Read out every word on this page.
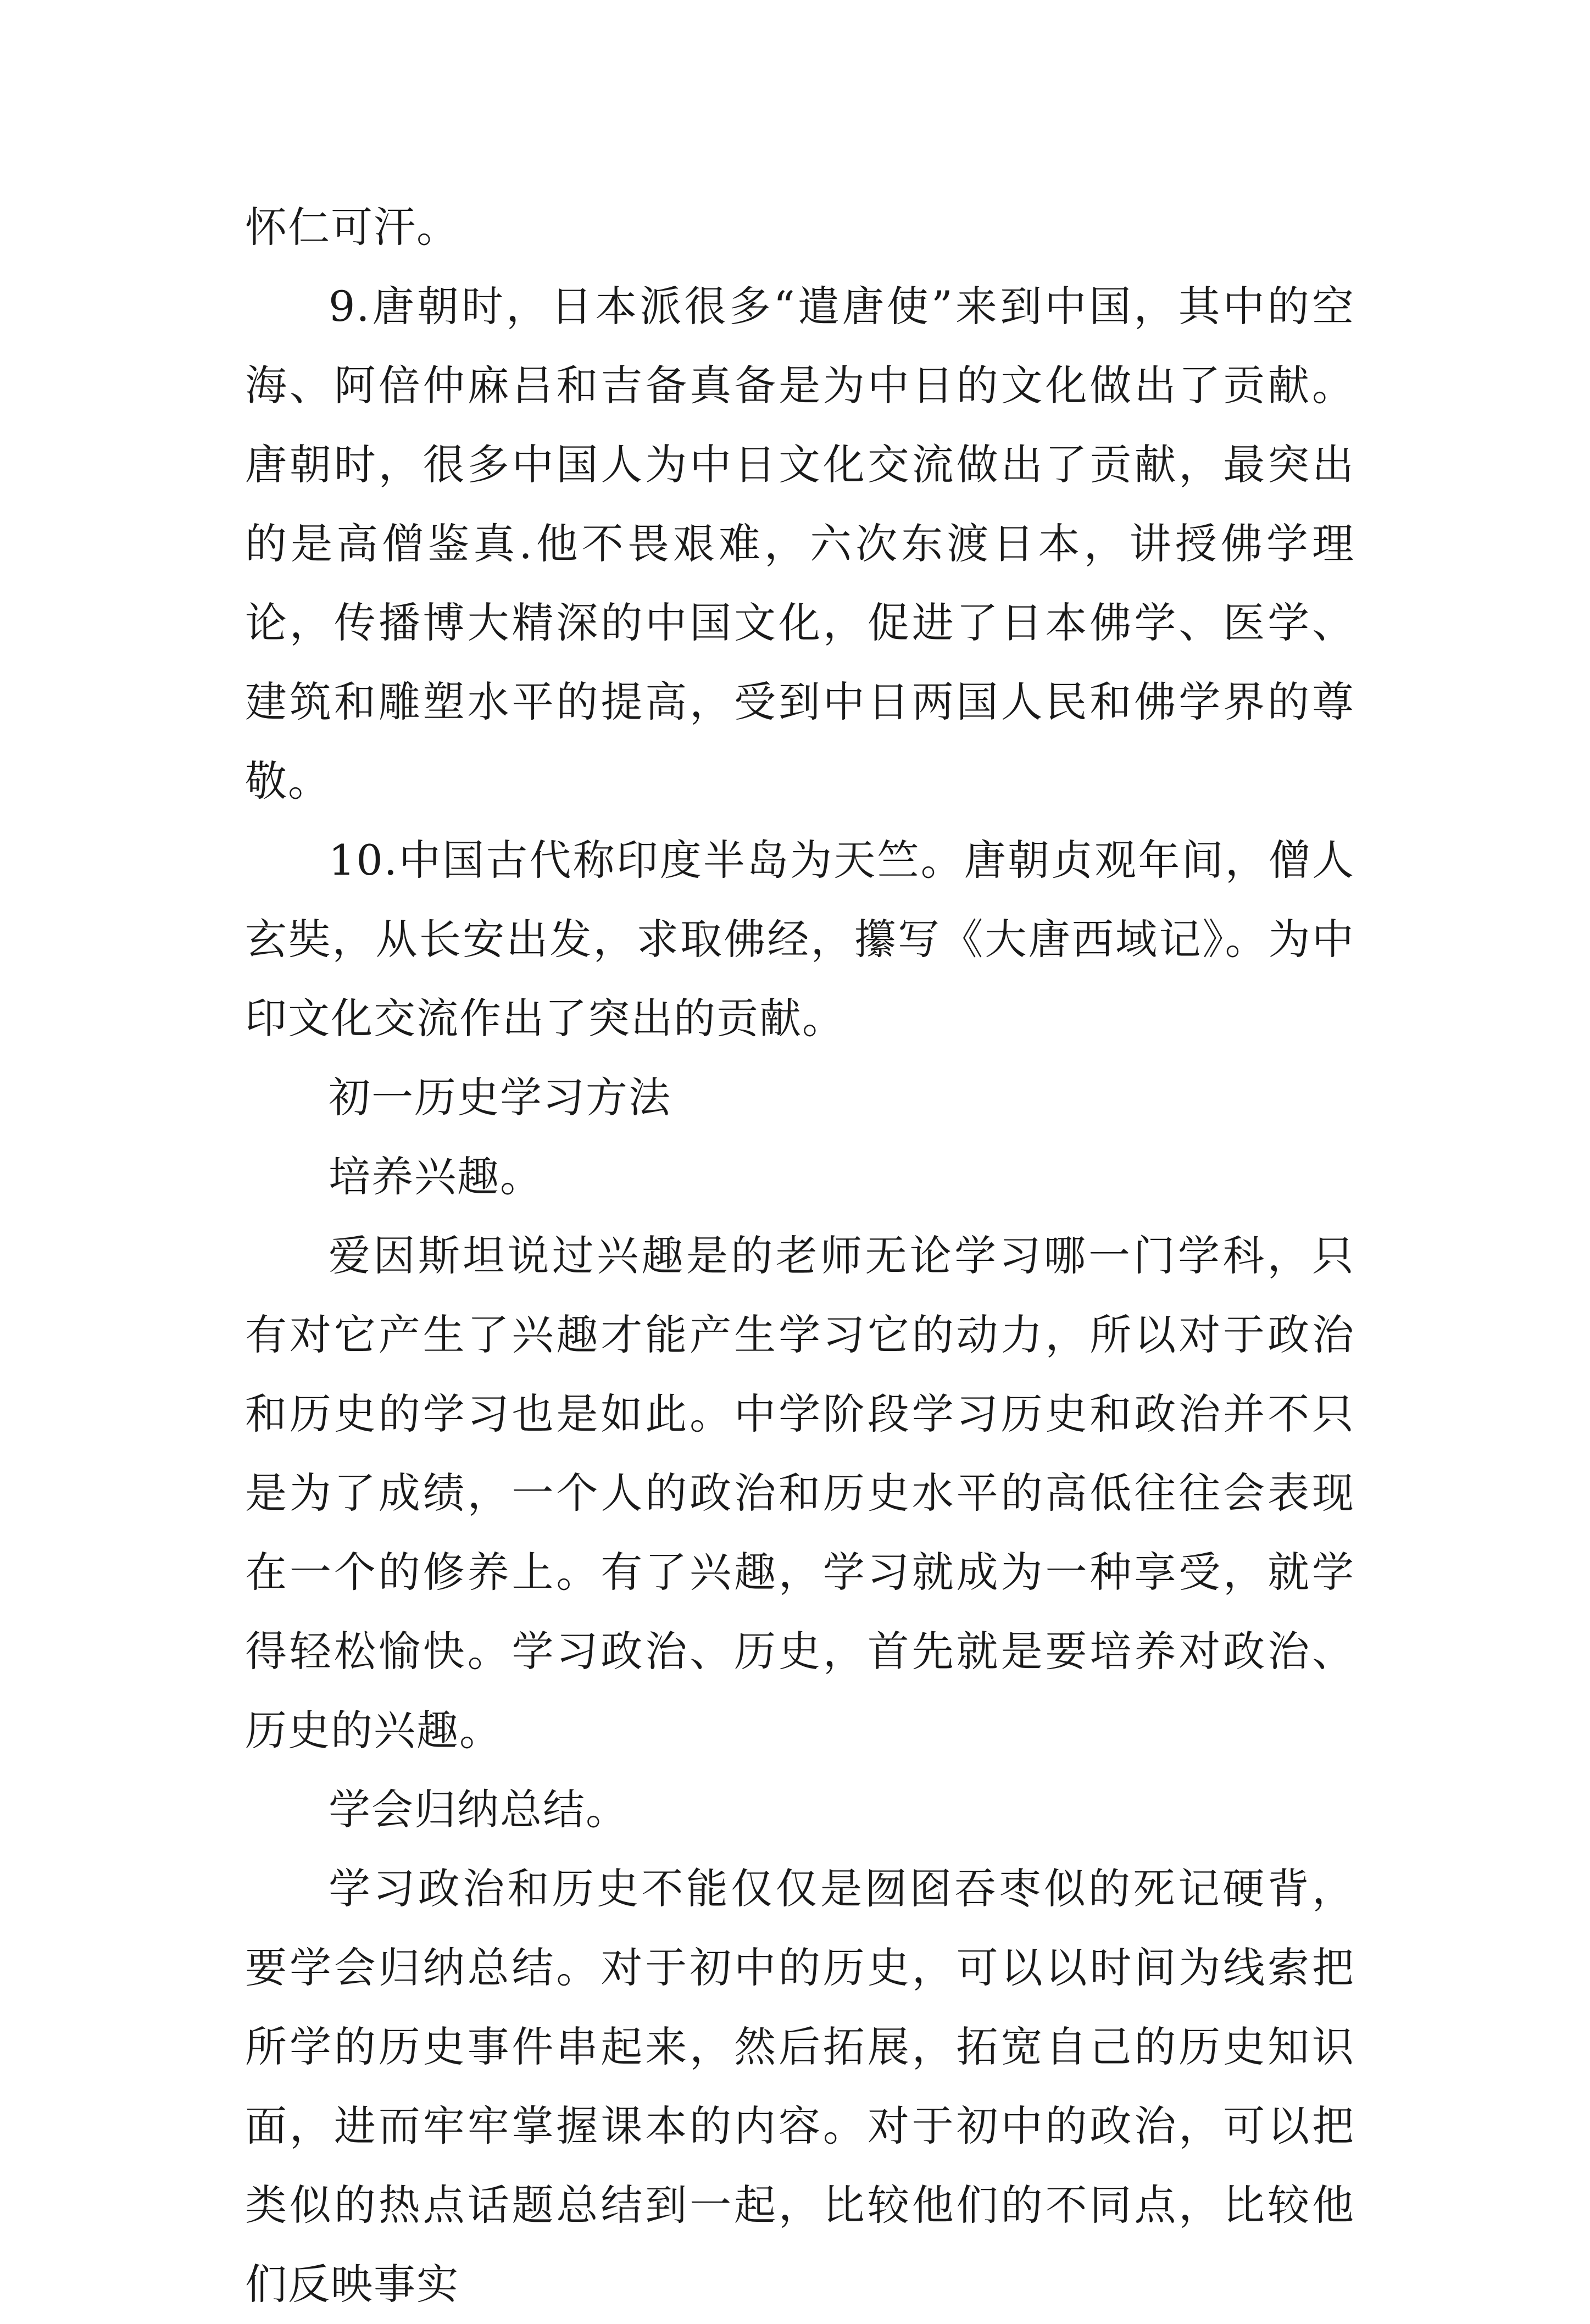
怀仁可汗。

9.唐朝时，日本派很多“遣唐使”来到中国，其中的空海、阿倍仲麻吕和吉备真备是为中日的文化做出了贡献。唐朝时，很多中国人为中日文化交流做出了贡献，最突出的是高僧鉴真.他不畏艰难，六次东渡日本，讲授佛学理论，传播博大精深的中国文化，促进了日本佛学、医学、建筑和雕塑水平的提高，受到中日两国人民和佛学界的尊敬。

10.中国古代称印度半岛为天竺。唐朝贞观年间，僧人玄奘，从长安出发，求取佛经，攥写《大唐西域记》。为中印文化交流作出了突出的贡献。

初一历史学习方法

培养兴趣。

爱因斯坦说过兴趣是的老师无论学习哪一门学科，只有对它产生了兴趣才能产生学习它的动力，所以对于政治和历史的学习也是如此。中学阶段学习历史和政治并不只是为了成绩，一个人的政治和历史水平的高低往往会表现在一个的修养上。有了兴趣，学习就成为一种享受，就学得轻松愉快。学习政治、历史，首先就是要培养对政治、历史的兴趣。

学会归纳总结。

学习政治和历史不能仅仅是囫囵吞枣似的死记硬背，要学会归纳总结。对于初中的历史，可以以时间为线索把所学的历史事件串起来，然后拓展，拓宽自己的历史知识面，进而牢牢掌握课本的内容。对于初中的政治，可以把类似的热点话题总结到一起，比较他们的不同点，比较他们反映事实
